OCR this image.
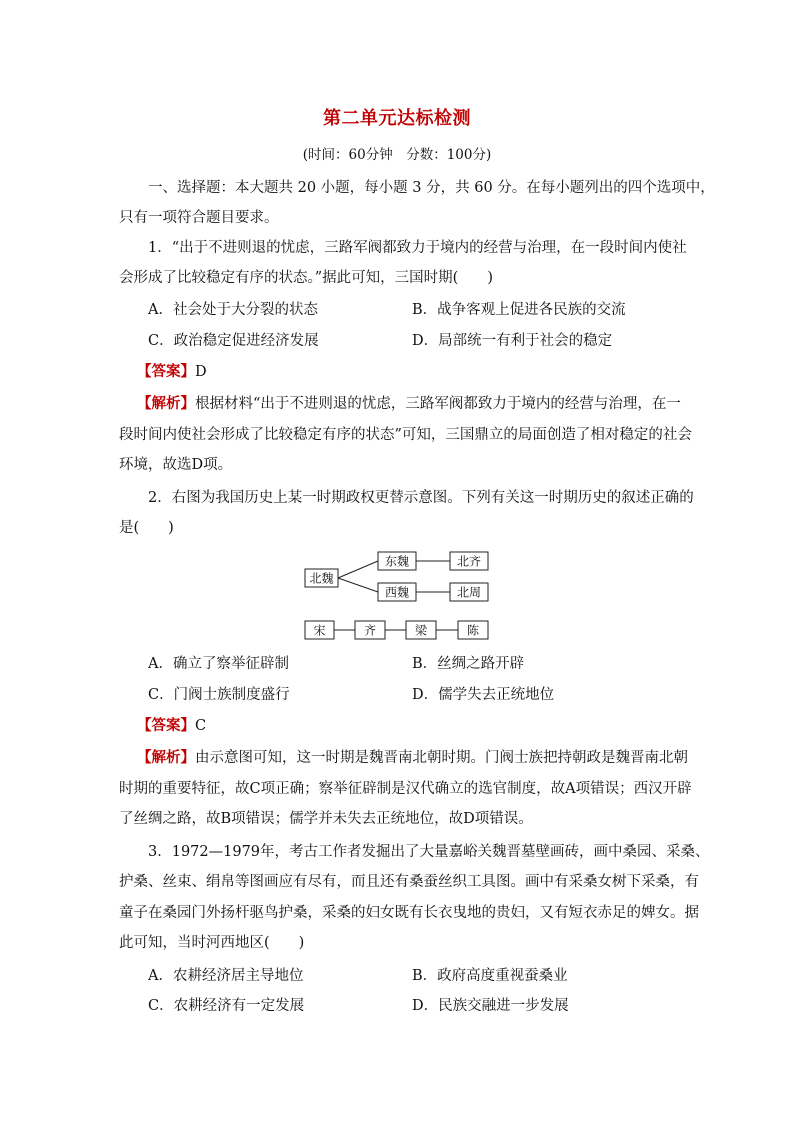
第二单元达标检测
(时间：60分钟　分数：100分)
一、选择题：本大题共 20 小题，每小题 3 分，共 60 分。在每小题列出的四个选项中，
只有一项符合题目要求。
1．“出于不进则退的忧虑，三路军阀都致力于境内的经营与治理，在一段时间内使社
会形成了比较稳定有序的状态。”据此可知，三国时期(　　)
A．社会处于大分裂的状态	B．战争客观上促进各民族的交流
C．政治稳定促进经济发展	D．局部统一有利于社会的稳定
【答案】D
【解析】根据材料“出于不进则退的忧虑，三路军阀都致力于境内的经营与治理，在一
段时间内使社会形成了比较稳定有序的状态”可知，三国鼎立的局面创造了相对稳定的社会
环境，故选D项。
2．右图为我国历史上某一时期政权更替示意图。下列有关这一时期历史的叙述正确的
是(　　)
北魏
东魏	北齐
西魏	北周
宋	齐	梁	陈
A．确立了察举征辟制	B．丝绸之路开辟
C．门阀士族制度盛行	D．儒学失去正统地位
【答案】C
【解析】由示意图可知，这一时期是魏晋南北朝时期。门阀士族把持朝政是魏晋南北朝
时期的重要特征，故C项正确；察举征辟制是汉代确立的选官制度，故A项错误；西汉开辟
了丝绸之路，故B项错误；儒学并未失去正统地位，故D项错误。
3．1972—1979年，考古工作者发掘出了大量嘉峪关魏晋墓壁画砖，画中桑园、采桑、
护桑、丝束、绢帛等图画应有尽有，而且还有桑蚕丝织工具图。画中有采桑女树下采桑，有
童子在桑园门外扬杆驱鸟护桑，采桑的妇女既有长衣曳地的贵妇，又有短衣赤足的婢女。据
此可知，当时河西地区(　　)
A．农耕经济居主导地位	B．政府高度重视蚕桑业
C．农耕经济有一定发展	D．民族交融进一步发展
